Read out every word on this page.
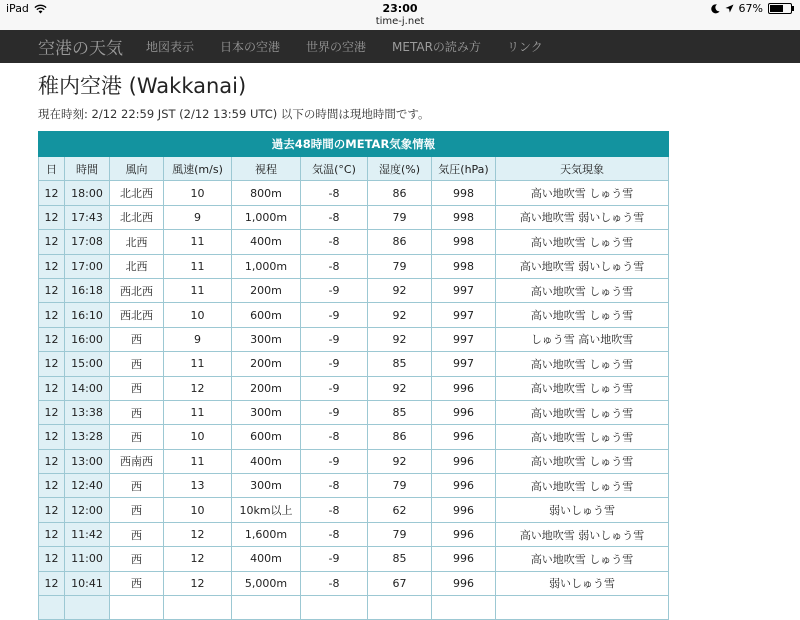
iPad	23:00
time-j.net
67%
空港の天気 地図表示 日本の空港 世界の空港 METARの読み方 リンク
稚内空港 (Wakkanai)
現在時刻: 2/12 22:59 JST (2/12 13:59 UTC) 以下の時間は現地時間です。
過去48時間のMETAR気象情報								
日	時間	風向	風速(m/s)	視程	気温(°C)	湿度(%)	気圧(hPa)	天気現象
12	18:00	北北西	10	800m	-8	86	998	高い地吹雪 しゅう雪
12	17:43	北北西	9	1,000m	-8	79	998	高い地吹雪 弱いしゅう雪
12	17:08	北西	11	400m	-8	86	998	高い地吹雪 しゅう雪
12	17:00	北西	11	1,000m	-8	79	998	高い地吹雪 弱いしゅう雪
12	16:18	西北西	11	200m	-9	92	997	高い地吹雪 しゅう雪
12	16:10	西北西	10	600m	-9	92	997	高い地吹雪 しゅう雪
12	16:00	西	9	300m	-9	92	997	しゅう雪 高い地吹雪
12	15:00	西	11	200m	-9	85	997	高い地吹雪 しゅう雪
12	14:00	西	12	200m	-9	92	996	高い地吹雪 しゅう雪
12	13:38	西	11	300m	-9	85	996	高い地吹雪 しゅう雪
12	13:28	西	10	600m	-8	86	996	高い地吹雪 しゅう雪
12	13:00	西南西	11	400m	-9	92	996	高い地吹雪 しゅう雪
12	12:40	西	13	300m	-8	79	996	高い地吹雪 しゅう雪
12	12:00	西	10	10km以上	-8	62	996	弱いしゅう雪
12	11:42	西	12	1,600m	-8	79	996	高い地吹雪 弱いしゅう雪
12	11:00	西	12	400m	-9	85	996	高い地吹雪 しゅう雪
12	10:41	西	12	5,000m	-8	67	996	弱いしゅう雪
